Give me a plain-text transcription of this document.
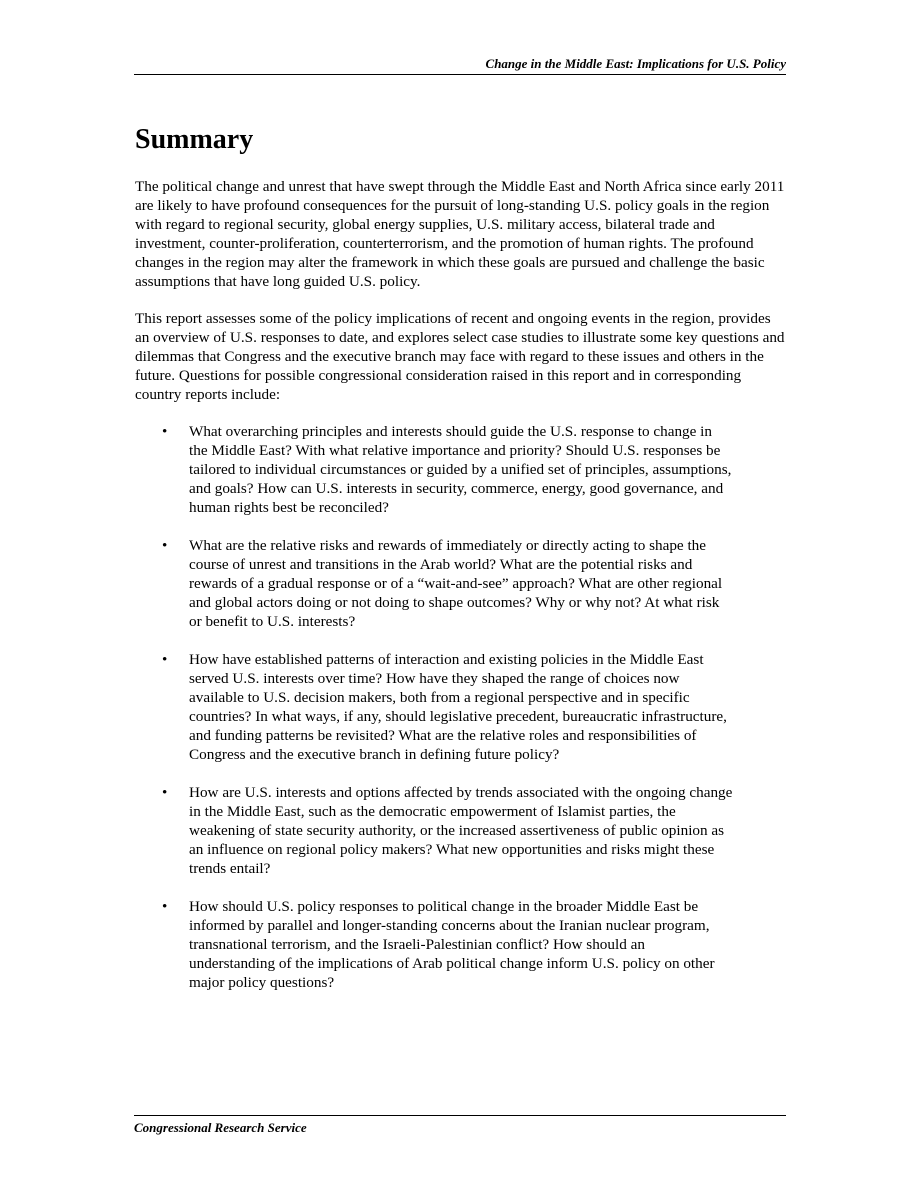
Change in the Middle East: Implications for U.S. Policy
Summary

The political change and unrest that have swept through the Middle East and North Africa since early 2011 are likely to have profound consequences for the pursuit of long-standing U.S. policy goals in the region with regard to regional security, global energy supplies, U.S. military access, bilateral trade and investment, counter-proliferation, counterterrorism, and the promotion of human rights. The profound changes in the region may alter the framework in which these goals are pursued and challenge the basic assumptions that have long guided U.S. policy.

This report assesses some of the policy implications of recent and ongoing events in the region, provides an overview of U.S. responses to date, and explores select case studies to illustrate some key questions and dilemmas that Congress and the executive branch may face with regard to these issues and others in the future. Questions for possible congressional consideration raised in this report and in corresponding country reports include:

• What overarching principles and interests should guide the U.S. response to change in the Middle East? With what relative importance and priority? Should U.S. responses be tailored to individual circumstances or guided by a unified set of principles, assumptions, and goals? How can U.S. interests in security, commerce, energy, good governance, and human rights best be reconciled?
• What are the relative risks and rewards of immediately or directly acting to shape the course of unrest and transitions in the Arab world? What are the potential risks and rewards of a gradual response or of a “wait-and-see” approach? What are other regional and global actors doing or not doing to shape outcomes? Why or why not? At what risk or benefit to U.S. interests?
• How have established patterns of interaction and existing policies in the Middle East served U.S. interests over time? How have they shaped the range of choices now available to U.S. decision makers, both from a regional perspective and in specific countries? In what ways, if any, should legislative precedent, bureaucratic infrastructure, and funding patterns be revisited? What are the relative roles and responsibilities of Congress and the executive branch in defining future policy?
• How are U.S. interests and options affected by trends associated with the ongoing change in the Middle East, such as the democratic empowerment of Islamist parties, the weakening of state security authority, or the increased assertiveness of public opinion as an influence on regional policy makers? What new opportunities and risks might these trends entail?
• How should U.S. policy responses to political change in the broader Middle East be informed by parallel and longer-standing concerns about the Iranian nuclear program, transnational terrorism, and the Israeli-Palestinian conflict? How should an understanding of the implications of Arab political change inform U.S. policy on other major policy questions?
Congressional Research Service
